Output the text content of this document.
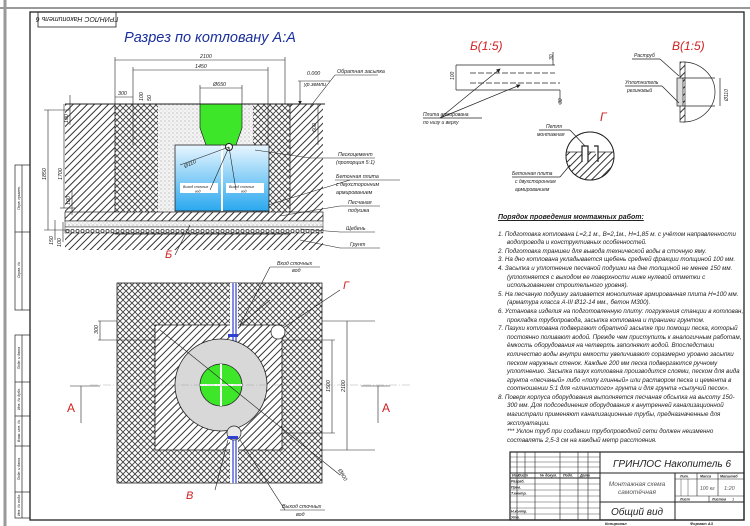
ГРИНЛОС Накопитель 6
Перв. примен.
Справ. №
Подп. и дата
Инв. № дубл.
Взам. инв. №
Подп. и дата
Инв. № подл.
Разрез по котловану А:А
2100
1450
Ø650
300 100 50
0.000
ур.земли
600
1850 1700
100
100
150 100
Ø110
Обратная засыпка
Пескоцемент
(пропорция 5:1)
Бетонная плита
с двухсторонним
армированием
Песчаная
подушка
Щебень
Грунт
Выход сточных
вод
Выход сточных
вод
Б
300
1500 2100
Ø800
Вход сточных
вод
Выход сточных
вод
Г
В
А	А
Б(1:5)
100
30
30
Плита армирована
по низу и верху
В(1:5)
Раструб
Уплотнитель
резиновый	Ø110
Г
Петля
монтажная
Бетонная плита
с двухсторонним
армированием
ГРИНЛОС Накопитель 6
Монтажная схема
самотёчная
Общий вид
Лит.	Масса Масштаб
Лист	Листов
Изм.
Лист	№ докум. Подп. Дата
Разраб.
Пров.
Т.контр.
Н.контр.
Утв.
100 кг 1:20
1
Копировал	Формат А3
Порядок проведения монтажных работ:

1. Подготовка котлована L=2,1 м., B=2,1м., H=1,85 м. с учётом направленности водопровода и конструктивных особенностей.

2. Подготовка траншеи для вывода технической воды в сточную яму.

3. На дно котлована укладывается щебень средней фракции толщиной 100 мм.

4. Засыпка и уплотнение песчаной подушки на дне толщиной не менее 150 мм. (уплотняется с выходом ее поверхности ниже нулевой отметки с использованием строительного уровня).

5. На песчаную подушку заливается монолитная армированная плита H=100 мм. (арматура класса А-III Ø12-14 мм., бетон М300).

6. Установка изделия на подготовленную плиту: погружения станции в котлован, прокладка трубопровода, засыпка котлована и траншеи грунтом.

7. Пазухи котлована подвергают обратной засыпке при помощи песка, который постоянно поливают водой. Прежде чем приступить к аналогичным работам, ёмкость оборудования на четверть заполняют водой. Впоследствии количество воды внутри емкости увеличивают соразмерно уровню засыпки песком наружных стенок. Каждые 200 мм песка подвергаются ручному уплотнению. Засыпка пазух котлована производится слоями, песком для вида грунта «песчаный» либо «полу глинный» или раствором песка и цемента в соотношении 5:1 для «глинистого» грунта и для грунта «сыпучий песок».

8. Поверх корпуса оборудования выполняется песчаная обсыпка на высоту 150-300 мм. Для подсоединения оборудования к внутренней канализационной магистрали применяют канализационные трубы, предназначенные для эксплуатации.

*** Уклон труб при создании трубопроводной сети должен неизменно составлять 2,5-3 см на каждый метр расстояния.
